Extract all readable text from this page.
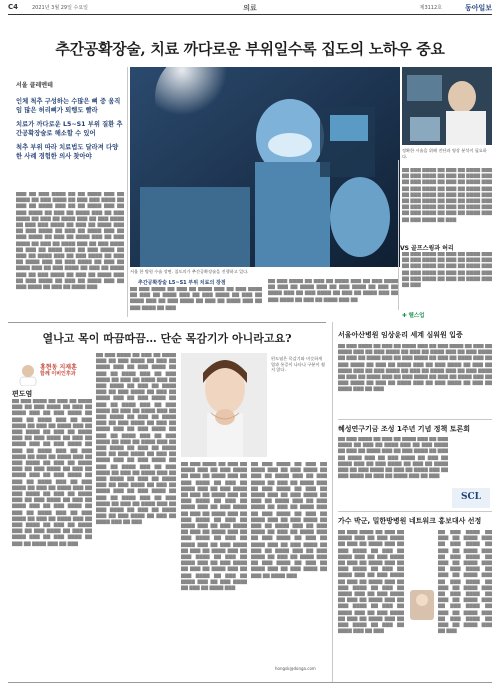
C4	2021년 3월 29일 수요일	의료	제3112호	동아일보
추간공확장술, 치료 까다로운 부위일수록 집도의 노하우 중요
서울 클레멘테

인체 척추 구성하는 수많은 뼈 중 움직임 많은 허리뼈가 퇴행도 빨라

치료가 까다로운 L5~S1 부위 질환 추간공확장술로 해소할 수 있어

척추 부위 따라 치료법도 달라져 다양한 사례 경험한 의사 찾아야

▇▇▇ ▇▇ ▇▇▇ ▇▇▇▇ ▇▇ ▇▇ ▇▇▇▇ ▇▇▇ ▇▇ ▇▇▇▇ ▇▇ ▇▇▇ ▇▇▇▇ ▇▇ ▇▇▇ ▇▇▇ ▇▇▇▇ ▇▇ ▇▇▇ ▇▇ ▇▇▇▇ ▇▇▇ ▇▇ ▇▇ ▇▇▇▇ ▇▇▇ ▇▇ ▇▇▇ ▇▇▇▇ ▇▇ ▇▇▇ ▇▇ ▇▇▇▇ ▇▇▇ ▇▇ ▇▇▇ ▇▇▇▇ ▇▇ ▇▇▇ ▇▇ ▇▇▇▇ ▇▇▇ ▇▇ ▇▇▇ ▇▇▇▇ ▇▇ ▇▇▇ ▇▇▇ ▇▇▇▇ ▇▇ ▇▇▇ ▇▇ ▇▇▇▇ ▇▇▇ ▇▇ ▇▇▇ ▇▇▇▇ ▇▇ ▇▇▇ ▇▇ ▇▇▇▇ ▇▇▇ ▇▇ ▇▇▇ ▇▇▇▇ ▇▇ ▇▇▇ ▇▇ ▇▇▇▇ ▇▇▇ ▇▇ ▇▇▇ ▇▇▇▇ ▇▇ ▇▇▇ ▇▇ ▇▇▇▇ ▇▇▇ ▇▇ ▇▇▇ ▇▇▇▇ ▇▇ ▇▇▇ ▇▇ ▇▇▇▇ ▇▇▇ ▇▇ ▇▇▇ ▇▇▇▇ ▇▇ ▇▇▇ ▇▇ ▇▇▇▇ ▇▇▇ ▇▇ ▇▇▇ ▇▇▇▇ ▇▇ ▇▇▇ ▇▇ ▇▇▇▇ ▇▇▇ ▇▇ ▇▇▇ ▇▇▇▇ ▇▇ ▇▇▇ ▇▇ ▇▇▇▇ ▇▇▇ ▇▇ ▇▇▇ ▇▇▇▇ ▇▇ ▇▇▇ ▇▇ ▇▇▇▇ ▇▇▇ ▇▇ ▇▇▇ ▇▇▇▇ ▇▇ ▇▇▇ ▇▇ ▇▇▇▇ ▇▇▇ ▇▇ ▇▇▇ ▇▇▇▇ ▇▇ ▇▇▇ ▇▇ ▇▇▇▇ ▇▇▇ ▇▇ ▇▇▇ ▇▇▇▇ ▇▇ ▇▇▇ ▇▇ ▇▇▇▇ ▇▇▇
서울 한 병원 수술 장면. 집도의가 추간공확장술을 진행하고 있다.
정확한 시술을 위해 진단과 영상 분석이 필요하다.
▇▇ ▇▇▇ ▇▇▇▇ ▇▇ ▇▇▇ ▇▇ ▇▇▇▇ ▇▇▇ ▇▇ ▇▇▇ ▇▇▇▇ ▇▇ ▇▇▇ ▇▇ ▇▇▇▇ ▇▇▇ ▇▇ ▇▇▇ ▇▇▇▇ ▇▇ ▇▇▇ ▇▇ ▇▇▇▇ ▇▇▇ ▇▇ ▇▇▇ ▇▇▇▇ ▇▇ ▇▇▇ ▇▇ ▇▇▇▇ ▇▇▇ ▇▇ ▇▇▇ ▇▇▇▇ ▇▇ ▇▇▇ ▇▇ ▇▇▇▇ ▇▇▇ ▇▇ ▇▇▇ ▇▇▇▇ ▇▇ ▇▇▇ ▇▇ ▇▇▇▇ ▇▇▇ ▇▇ ▇▇▇ ▇▇▇▇ ▇▇ ▇▇▇ ▇▇ ▇▇▇▇ ▇▇▇ ▇▇ ▇▇▇ ▇▇▇▇ ▇▇ ▇▇▇ ▇▇ ▇▇▇▇ ▇▇▇ ▇▇ ▇▇▇ ▇▇▇▇ ▇▇ ▇▇▇
VS 골프스윙과 허리
▇▇ ▇▇▇ ▇▇▇▇ ▇▇ ▇▇▇ ▇▇ ▇▇▇▇ ▇▇▇ ▇▇ ▇▇▇ ▇▇▇▇ ▇▇ ▇▇▇ ▇▇ ▇▇▇▇ ▇▇▇ ▇▇ ▇▇▇ ▇▇▇▇ ▇▇ ▇▇▇ ▇▇ ▇▇▇▇ ▇▇▇ ▇▇ ▇▇▇ ▇▇▇▇ ▇▇ ▇▇▇ ▇▇ ▇▇▇▇ ▇▇▇ ▇▇ ▇▇▇ ▇▇▇▇ ▇▇ ▇▇▇ ▇▇ ▇▇▇▇ ▇▇▇ ▇▇ ▇▇▇
추간공확장술 L5~S1 부위 치료의 장점
▇▇ ▇▇▇ ▇▇▇▇ ▇▇ ▇▇▇ ▇▇ ▇▇▇▇ ▇▇▇ ▇▇ ▇▇▇ ▇▇▇▇ ▇▇ ▇▇▇ ▇▇ ▇▇▇▇ ▇▇▇ ▇▇ ▇▇▇ ▇▇▇▇ ▇▇ ▇▇▇ ▇▇ ▇▇▇▇ ▇▇▇ ▇▇ ▇▇▇ ▇▇▇▇ ▇▇ ▇▇▇ ▇▇ ▇▇▇▇ ▇▇▇ ▇▇ ▇▇▇ ▇▇▇▇ ▇▇ ▇▇▇
▇▇ ▇▇▇ ▇▇▇▇ ▇▇ ▇▇▇ ▇▇ ▇▇▇▇ ▇▇▇ ▇▇ ▇▇▇ ▇▇▇▇ ▇▇ ▇▇▇ ▇▇ ▇▇▇▇ ▇▇▇ ▇▇ ▇▇▇ ▇▇▇▇ ▇▇ ▇▇▇ ▇▇ ▇▇▇▇ ▇▇▇ ▇▇ ▇▇▇ ▇▇▇▇ ▇▇ ▇▇▇ ▇▇ ▇▇▇▇ ▇▇▇ ▇▇ ▇▇▇ ▇▇▇▇ ▇▇ ▇▇▇ ▇▇ ▇▇▇▇ ▇▇▇ ▇▇
✚ 헬스업
열나고 목이 따끔따끔… 단순 목감기가 아니라고요?
홍현동 지재훈
함께 이비인후과
편도염
▇▇ ▇▇▇ ▇▇▇▇ ▇▇ ▇▇▇ ▇▇ ▇▇▇▇ ▇▇▇ ▇▇ ▇▇▇ ▇▇▇▇ ▇▇ ▇▇▇ ▇▇ ▇▇▇▇ ▇▇▇ ▇▇ ▇▇▇ ▇▇▇▇ ▇▇ ▇▇▇ ▇▇ ▇▇▇▇ ▇▇▇ ▇▇ ▇▇▇ ▇▇▇▇ ▇▇ ▇▇▇ ▇▇ ▇▇▇▇ ▇▇▇ ▇▇ ▇▇▇ ▇▇▇▇ ▇▇ ▇▇▇ ▇▇ ▇▇▇▇ ▇▇▇ ▇▇ ▇▇▇ ▇▇▇▇ ▇▇ ▇▇▇ ▇▇ ▇▇▇▇ ▇▇▇ ▇▇ ▇▇▇ ▇▇▇▇ ▇▇ ▇▇▇ ▇▇ ▇▇▇▇ ▇▇▇ ▇▇ ▇▇▇ ▇▇▇▇ ▇▇ ▇▇▇ ▇▇ ▇▇▇▇ ▇▇▇ ▇▇ ▇▇▇ ▇▇▇▇ ▇▇ ▇▇▇ ▇▇ ▇▇▇▇ ▇▇▇ ▇▇ ▇▇▇ ▇▇▇▇ ▇▇ ▇▇▇ ▇▇ ▇▇▇▇ ▇▇▇ ▇▇ ▇▇▇ ▇▇▇▇ ▇▇ ▇▇▇ ▇▇ ▇▇▇▇ ▇▇▇ ▇▇ ▇▇▇ ▇▇▇▇ ▇▇ ▇▇▇ ▇▇ ▇▇▇▇ ▇▇▇ ▇▇ ▇▇▇ ▇▇▇▇ ▇▇ ▇▇▇ ▇▇ ▇▇▇▇ ▇▇▇ ▇▇ ▇▇▇ ▇▇▇▇ ▇▇ ▇▇▇ ▇▇ ▇▇▇▇ ▇▇▇ ▇▇ ▇▇▇ ▇▇▇▇ ▇▇ ▇▇▇ ▇▇ ▇▇▇▇ ▇▇▇ ▇▇ ▇▇▇ ▇▇▇▇ ▇▇ ▇▇▇ ▇▇ ▇▇▇▇ ▇▇▇ ▇▇ ▇▇▇ ▇▇▇▇ ▇▇ ▇▇▇ ▇▇ ▇▇▇▇ ▇▇▇ ▇▇ ▇▇▇ ▇▇▇▇ ▇▇ ▇▇▇ ▇▇ ▇▇▇▇ ▇▇▇ ▇▇ ▇▇▇ ▇▇▇▇ ▇▇ ▇▇▇ ▇▇ ▇▇▇▇ ▇▇▇ ▇▇ ▇▇▇
▇▇ ▇▇▇ ▇▇▇▇ ▇▇ ▇▇▇ ▇▇ ▇▇▇▇ ▇▇▇ ▇▇ ▇▇▇ ▇▇▇▇ ▇▇ ▇▇▇ ▇▇ ▇▇▇▇ ▇▇▇ ▇▇ ▇▇▇ ▇▇▇▇ ▇▇ ▇▇▇ ▇▇ ▇▇▇▇ ▇▇▇ ▇▇ ▇▇▇ ▇▇▇▇ ▇▇ ▇▇▇ ▇▇ ▇▇▇▇ ▇▇▇ ▇▇ ▇▇▇ ▇▇▇▇ ▇▇ ▇▇▇ ▇▇ ▇▇▇▇ ▇▇▇ ▇▇ ▇▇▇ ▇▇▇▇ ▇▇ ▇▇▇ ▇▇ ▇▇▇▇ ▇▇▇ ▇▇ ▇▇▇ ▇▇▇▇ ▇▇ ▇▇▇ ▇▇ ▇▇▇▇ ▇▇▇ ▇▇ ▇▇▇ ▇▇▇▇ ▇▇ ▇▇▇ ▇▇ ▇▇▇▇ ▇▇▇ ▇▇ ▇▇▇ ▇▇▇▇ ▇▇ ▇▇▇ ▇▇ ▇▇▇▇ ▇▇▇ ▇▇ ▇▇▇ ▇▇▇▇ ▇▇ ▇▇▇ ▇▇ ▇▇▇▇ ▇▇▇ ▇▇ ▇▇▇ ▇▇▇▇ ▇▇ ▇▇▇ ▇▇ ▇▇▇▇ ▇▇▇ ▇▇ ▇▇▇ ▇▇▇▇ ▇▇ ▇▇▇ ▇▇ ▇▇▇▇ ▇▇▇ ▇▇ ▇▇▇ ▇▇▇▇ ▇▇ ▇▇▇ ▇▇ ▇▇▇▇ ▇▇▇ ▇▇ ▇▇▇ ▇▇▇▇ ▇▇ ▇▇▇ ▇▇ ▇▇▇▇ ▇▇▇ ▇▇ ▇▇▇ ▇▇▇▇ ▇▇ ▇▇▇ ▇▇ ▇▇▇▇ ▇▇▇ ▇▇ ▇▇▇ ▇▇▇▇ ▇▇ ▇▇▇ ▇▇ ▇▇▇▇ ▇▇▇ ▇▇ ▇▇▇ ▇▇▇▇ ▇▇ ▇▇▇ ▇▇ ▇▇▇▇ ▇▇▇ ▇▇ ▇▇▇ ▇▇▇▇ ▇▇ ▇▇▇ ▇▇ ▇▇▇▇ ▇▇▇ ▇▇ ▇▇▇ ▇▇▇▇ ▇▇ ▇▇▇ ▇▇ ▇▇▇▇ ▇▇▇ ▇▇ ▇▇▇ ▇▇▇▇ ▇▇ ▇▇▇ ▇▇ ▇▇▇▇ ▇▇▇ ▇▇ ▇▇▇ ▇▇▇▇ ▇▇ ▇▇▇ ▇▇ ▇▇▇▇ ▇▇▇ ▇▇ ▇▇▇ ▇▇▇▇ ▇▇ ▇▇▇ ▇▇ ▇▇▇▇ ▇▇▇ ▇▇ ▇▇▇
편도염은 목감기와 비슷하게 열과 통증이 나타나 구분이 쉽지 않다.
▇▇ ▇▇▇ ▇▇▇▇ ▇▇ ▇▇▇ ▇▇ ▇▇▇▇ ▇▇▇ ▇▇ ▇▇▇ ▇▇▇▇ ▇▇ ▇▇▇ ▇▇ ▇▇▇▇ ▇▇▇ ▇▇ ▇▇▇ ▇▇▇▇ ▇▇ ▇▇▇ ▇▇ ▇▇▇▇ ▇▇▇ ▇▇ ▇▇▇ ▇▇▇▇ ▇▇ ▇▇▇ ▇▇ ▇▇▇▇ ▇▇▇ ▇▇ ▇▇▇ ▇▇▇▇ ▇▇ ▇▇▇ ▇▇ ▇▇▇▇ ▇▇▇ ▇▇ ▇▇▇ ▇▇▇▇ ▇▇ ▇▇▇ ▇▇ ▇▇▇▇ ▇▇▇ ▇▇ ▇▇▇ ▇▇▇▇ ▇▇ ▇▇▇ ▇▇ ▇▇▇▇ ▇▇▇ ▇▇ ▇▇▇ ▇▇▇▇ ▇▇ ▇▇▇ ▇▇ ▇▇▇▇ ▇▇▇ ▇▇ ▇▇▇ ▇▇▇▇ ▇▇ ▇▇▇ ▇▇ ▇▇▇▇ ▇▇▇ ▇▇ ▇▇▇ ▇▇▇▇ ▇▇ ▇▇▇ ▇▇ ▇▇▇▇ ▇▇▇ ▇▇ ▇▇▇ ▇▇▇▇ ▇▇ ▇▇▇ ▇▇ ▇▇▇▇ ▇▇▇ ▇▇ ▇▇▇ ▇▇▇▇ ▇▇ ▇▇▇ ▇▇ ▇▇▇▇ ▇▇▇ ▇▇ ▇▇▇ ▇▇▇▇ ▇▇ ▇▇▇ ▇▇ ▇▇▇▇ ▇▇▇ ▇▇ ▇▇▇ ▇▇▇▇ ▇▇ ▇▇▇ ▇▇ ▇▇▇▇ ▇▇▇
▇▇ ▇▇▇ ▇▇▇▇ ▇▇ ▇▇▇ ▇▇ ▇▇▇▇ ▇▇▇ ▇▇ ▇▇▇ ▇▇▇▇ ▇▇ ▇▇▇ ▇▇ ▇▇▇▇ ▇▇▇ ▇▇ ▇▇▇ ▇▇▇▇ ▇▇ ▇▇▇ ▇▇ ▇▇▇▇ ▇▇▇ ▇▇ ▇▇▇ ▇▇▇▇ ▇▇ ▇▇▇ ▇▇ ▇▇▇▇ ▇▇▇ ▇▇ ▇▇▇ ▇▇▇▇ ▇▇ ▇▇▇ ▇▇ ▇▇▇▇ ▇▇▇ ▇▇ ▇▇▇ ▇▇▇▇ ▇▇ ▇▇▇ ▇▇ ▇▇▇▇ ▇▇▇ ▇▇ ▇▇▇ ▇▇▇▇ ▇▇ ▇▇▇ ▇▇ ▇▇▇▇ ▇▇▇ ▇▇ ▇▇▇ ▇▇▇▇ ▇▇ ▇▇▇ ▇▇ ▇▇▇▇ ▇▇▇ ▇▇ ▇▇▇ ▇▇▇▇ ▇▇ ▇▇▇ ▇▇ ▇▇▇▇ ▇▇▇ ▇▇ ▇▇▇ ▇▇▇▇ ▇▇ ▇▇▇ ▇▇ ▇▇▇▇ ▇▇▇ ▇▇ ▇▇▇ ▇▇▇▇ ▇▇ ▇▇▇ ▇▇ ▇▇▇▇ ▇▇▇ ▇▇ ▇▇▇ ▇▇▇▇ ▇▇ ▇▇▇ ▇▇ ▇▇▇▇ ▇▇▇ ▇▇ ▇▇▇ ▇▇▇▇ ▇▇ ▇▇▇ ▇▇ ▇▇▇▇ ▇▇▇ ▇▇ ▇▇▇ ▇▇▇▇ ▇▇ ▇▇▇ ▇▇ ▇▇▇▇ ▇▇▇
hongsk@donga.com
서울아산병원 임상윤리 세계 심워원 입증
▇▇ ▇▇▇ ▇▇▇▇ ▇▇ ▇▇▇ ▇▇ ▇▇▇▇ ▇▇▇ ▇▇ ▇▇▇ ▇▇▇▇ ▇▇ ▇▇▇ ▇▇ ▇▇▇▇ ▇▇▇ ▇▇ ▇▇▇ ▇▇▇▇ ▇▇ ▇▇▇ ▇▇ ▇▇▇▇ ▇▇▇ ▇▇ ▇▇▇ ▇▇▇▇ ▇▇ ▇▇▇ ▇▇ ▇▇▇▇ ▇▇▇ ▇▇ ▇▇▇ ▇▇▇▇ ▇▇ ▇▇▇ ▇▇ ▇▇▇▇ ▇▇▇ ▇▇ ▇▇▇ ▇▇▇▇ ▇▇ ▇▇▇ ▇▇ ▇▇▇▇ ▇▇▇ ▇▇ ▇▇▇ ▇▇▇▇ ▇▇ ▇▇▇ ▇▇ ▇▇▇▇ ▇▇▇ ▇▇ ▇▇▇ ▇▇▇▇ ▇▇ ▇▇▇ ▇▇ ▇▇▇▇ ▇▇▇ ▇▇ ▇▇▇ ▇▇▇▇ ▇▇ ▇▇▇ ▇▇ ▇▇▇▇ ▇▇▇ ▇▇ ▇▇▇ ▇▇▇▇ ▇▇ ▇▇▇ ▇▇ ▇▇▇▇ ▇▇▇ ▇▇ ▇▇▇ ▇▇▇▇ ▇▇ ▇▇▇ ▇▇ ▇▇▇▇ ▇▇▇ ▇▇ ▇▇▇ ▇▇▇▇ ▇▇ ▇▇▇ ▇▇ ▇▇▇▇ ▇▇▇ ▇▇ ▇▇▇
혜성연구기금 조성 1주년 기념 정책 토론회
▇▇ ▇▇▇ ▇▇▇▇ ▇▇ ▇▇▇ ▇▇ ▇▇▇▇ ▇▇▇ ▇▇ ▇▇▇ ▇▇▇▇ ▇▇ ▇▇▇ ▇▇ ▇▇▇▇ ▇▇▇ ▇▇ ▇▇▇ ▇▇▇▇ ▇▇ ▇▇▇ ▇▇ ▇▇▇▇ ▇▇▇ ▇▇ ▇▇▇ ▇▇▇▇ ▇▇ ▇▇▇ ▇▇ ▇▇▇▇ ▇▇▇ ▇▇ ▇▇▇ ▇▇▇▇ ▇▇ ▇▇▇ ▇▇ ▇▇▇▇ ▇▇▇ ▇▇ ▇▇▇ ▇▇▇▇ ▇▇ ▇▇▇ ▇▇ ▇▇▇▇ ▇▇▇ ▇▇ ▇▇▇ ▇▇▇▇ ▇▇ ▇▇▇ ▇▇ ▇▇▇▇ ▇▇▇ ▇▇ ▇▇▇ ▇▇▇▇ ▇▇ ▇▇▇ ▇▇ ▇▇▇▇ ▇▇▇ ▇▇ ▇▇▇
SCL
가수 박군, 밀한방병원 네트워크 홍보대사 선정
▇▇ ▇▇▇ ▇▇▇▇ ▇▇ ▇▇▇ ▇▇ ▇▇▇▇ ▇▇▇ ▇▇ ▇▇▇ ▇▇▇▇ ▇▇ ▇▇▇ ▇▇ ▇▇▇▇ ▇▇▇ ▇▇ ▇▇▇ ▇▇▇▇ ▇▇ ▇▇▇ ▇▇ ▇▇▇▇ ▇▇▇ ▇▇ ▇▇▇ ▇▇▇▇ ▇▇ ▇▇▇ ▇▇ ▇▇▇▇ ▇▇▇ ▇▇ ▇▇▇ ▇▇▇▇ ▇▇ ▇▇▇ ▇▇ ▇▇▇▇ ▇▇▇ ▇▇ ▇▇▇ ▇▇▇▇ ▇▇ ▇▇▇ ▇▇ ▇▇▇▇ ▇▇▇ ▇▇ ▇▇▇ ▇▇▇▇ ▇▇ ▇▇▇ ▇▇ ▇▇▇▇ ▇▇▇ ▇▇ ▇▇▇ ▇▇▇▇ ▇▇ ▇▇▇ ▇▇ ▇▇▇▇ ▇▇▇ ▇▇ ▇▇▇ ▇▇▇▇ ▇▇ ▇▇▇ ▇▇ ▇▇▇▇ ▇▇▇ ▇▇ ▇▇▇ ▇▇▇▇ ▇▇ ▇▇▇ ▇▇ ▇▇▇▇ ▇▇▇ ▇▇ ▇▇▇ ▇▇▇▇ ▇▇ ▇▇▇ ▇▇ ▇▇▇▇ ▇▇▇ ▇▇ ▇▇▇
▇▇ ▇▇▇ ▇▇▇▇ ▇▇ ▇▇▇ ▇▇ ▇▇▇▇ ▇▇▇ ▇▇ ▇▇▇ ▇▇▇▇ ▇▇ ▇▇▇ ▇▇ ▇▇▇▇ ▇▇▇ ▇▇ ▇▇▇ ▇▇▇▇ ▇▇ ▇▇▇ ▇▇ ▇▇▇▇ ▇▇▇ ▇▇ ▇▇▇ ▇▇▇▇ ▇▇ ▇▇▇ ▇▇ ▇▇▇▇ ▇▇▇ ▇▇ ▇▇▇ ▇▇▇▇ ▇▇ ▇▇▇ ▇▇ ▇▇▇▇ ▇▇▇ ▇▇ ▇▇▇ ▇▇▇▇ ▇▇ ▇▇▇ ▇▇ ▇▇▇▇ ▇▇▇ ▇▇ ▇▇▇ ▇▇▇▇ ▇▇ ▇▇▇ ▇▇ ▇▇▇▇ ▇▇▇ ▇▇ ▇▇▇ ▇▇▇▇ ▇▇ ▇▇▇ ▇▇ ▇▇▇▇ ▇▇▇ ▇▇ ▇▇▇
